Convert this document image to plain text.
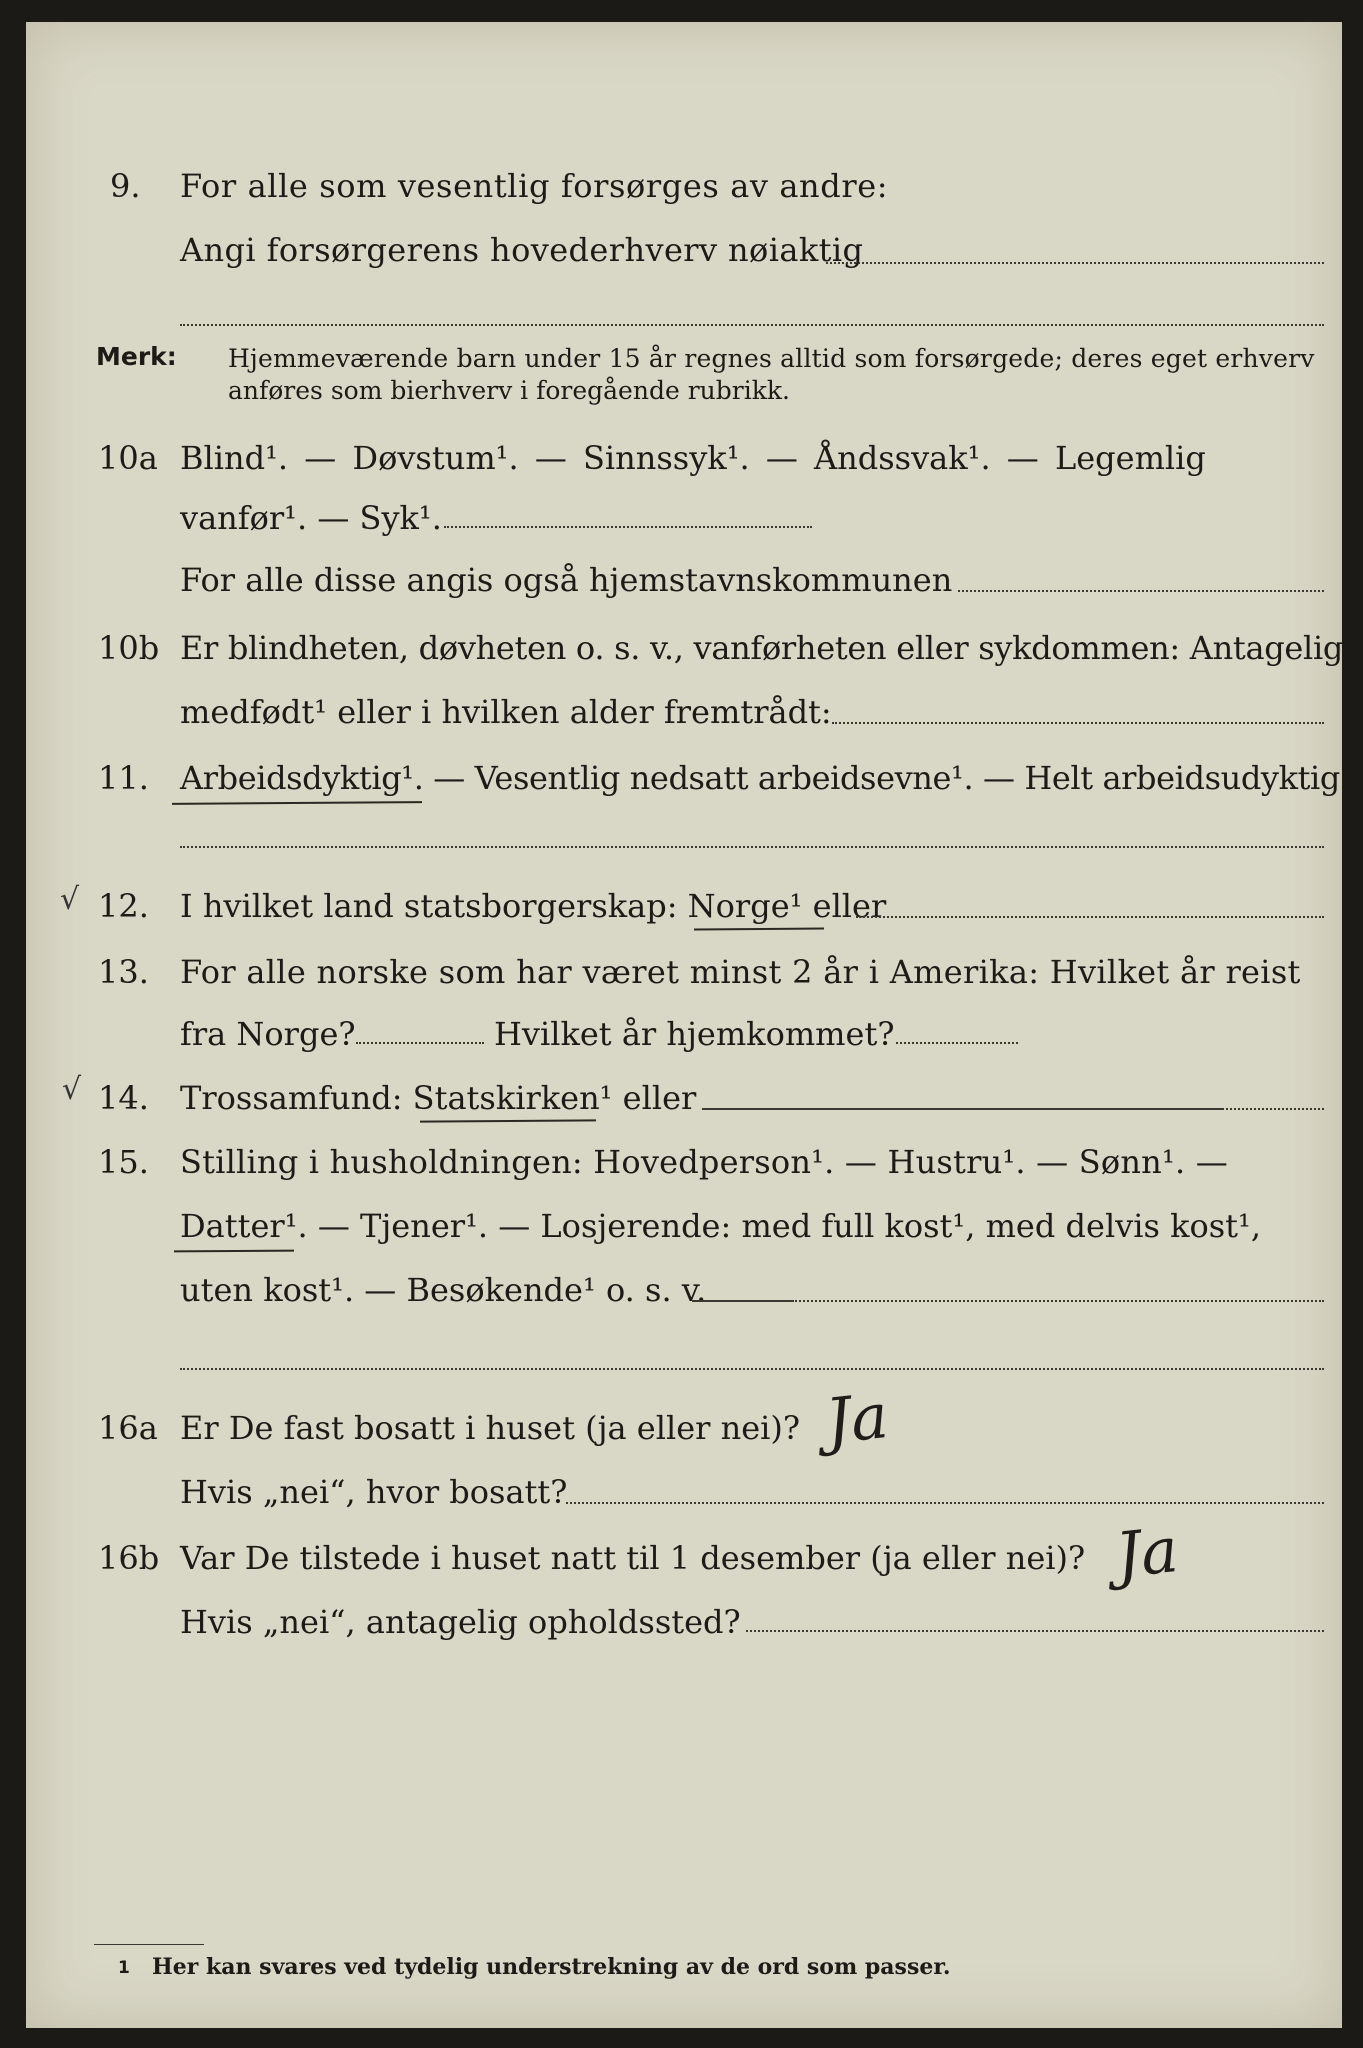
9. For alle som vesentlig forsørges av andre:
Angi forsørgerens hovederhverv nøiaktig
Merk: Hjemmeværende barn under 15 år regnes alltid som forsørgede; deres eget erhverv
anføres som bierhverv i foregående rubrikk.
10a Blind¹. — Døvstum¹. — Sinnssyk¹. — Åndssvak¹. — Legemlig
vanfør¹. — Syk¹.
For alle disse angis også hjemstavnskommunen
10b Er blindheten, døvheten o. s. v., vanførheten eller sykdommen: Antagelig
medfødt¹ eller i hvilken alder fremtrådt:
11. Arbeidsdyktig¹. — Vesentlig nedsatt arbeidsevne¹. — Helt arbeidsudyktig¹.
√ 12. I hvilket land statsborgerskap: Norge¹ eller
13. For alle norske som har været minst 2 år i Amerika: Hvilket år reist
fra Norge?	Hvilket år hjemkommet?
√ 14. Trossamfund: Statskirken¹ eller
15. Stilling i husholdningen: Hovedperson¹. — Hustru¹. — Sønn¹. —
Datter¹. — Tjener¹. — Losjerende: med full kost¹, med delvis kost¹,
uten kost¹. — Besøkende¹ o. s. v.
16a Er De fast bosatt i huset (ja eller nei)? Ja
Hvis „nei“, hvor bosatt?
16b Var De tilstede i huset natt til 1 desember (ja eller nei)? Ja
Hvis „nei“, antagelig opholdssted?
1 Her kan svares ved tydelig understrekning av de ord som passer.
